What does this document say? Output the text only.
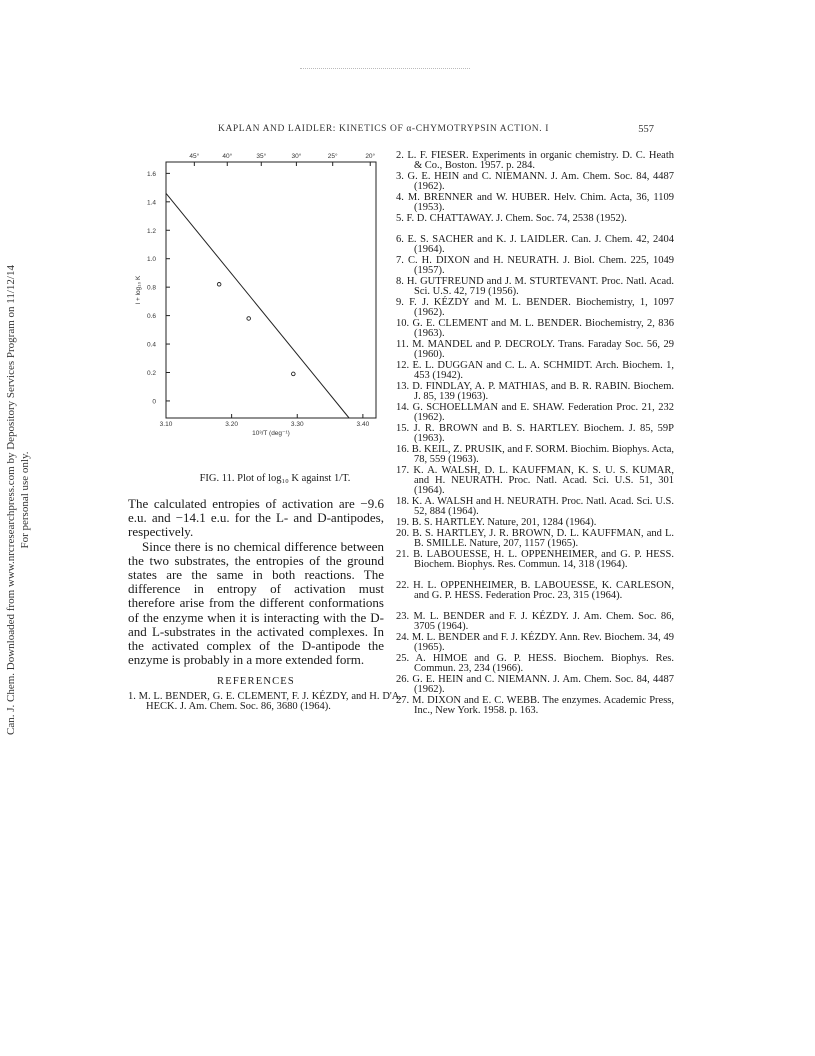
Can. J. Chem. Downloaded from www.nrcresearchpress.com by Depository Services Program on 11/12/14 For personal use only.
KAPLAN AND LAIDLER: KINETICS OF α-CHYMOTRYPSIN ACTION. I	557
1.6
1.4
1.2
1.0
0.8
0.6
0.4
0.2
0
3.10	3.20	3.30	3.40
45°	40°	35°	30°	25°	20°
10³/T (deg⁻¹)
l + log₁₀ K
FIG. 11. Plot of log₁₀ K against 1/T.

The calculated entropies of activation are −9.6 e.u. and −14.1 e.u. for the L- and D-antipodes, respectively.

Since there is no chemical difference between the two substrates, the entropies of the ground states are the same in both reactions. The difference in entropy of activation must therefore arise from the different conformations of the enzyme when it is interacting with the D- and L-substrates in the activated complexes. In the activated complex of the D-antipode the enzyme is probably in a more extended form.

REFERENCES
1. M. L. BENDER, G. E. CLEMENT, F. J. KÉZDY, and H. D'A. HECK. J. Am. Chem. Soc. 86, 3680 (1964).
2. L. F. FIESER. Experiments in organic chemistry. D. C. Heath & Co., Boston. 1957. p. 284.
3. G. E. HEIN and C. NIEMANN. J. Am. Chem. Soc. 84, 4487 (1962).
4. M. BRENNER and W. HUBER. Helv. Chim. Acta, 36, 1109 (1953).
5. F. D. CHATTAWAY. J. Chem. Soc. 74, 2538 (1952).
6. E. S. SACHER and K. J. LAIDLER. Can. J. Chem. 42, 2404 (1964).
7. C. H. DIXON and H. NEURATH. J. Biol. Chem. 225, 1049 (1957).
8. H. GUTFREUND and J. M. STURTEVANT. Proc. Natl. Acad. Sci. U.S. 42, 719 (1956).
9. F. J. KÉZDY and M. L. BENDER. Biochemistry, 1, 1097 (1962).
10. G. E. CLEMENT and M. L. BENDER. Biochemistry, 2, 836 (1963).
11. M. MANDEL and P. DECROLY. Trans. Faraday Soc. 56, 29 (1960).
12. E. L. DUGGAN and C. L. A. SCHMIDT. Arch. Biochem. 1, 453 (1942).
13. D. FINDLAY, A. P. MATHIAS, and B. R. RABIN. Biochem. J. 85, 139 (1963).
14. G. SCHOELLMAN and E. SHAW. Federation Proc. 21, 232 (1962).
15. J. R. BROWN and B. S. HARTLEY. Biochem. J. 85, 59P (1963).
16. B. KEIL, Z. PRUSIK, and F. SORM. Biochim. Biophys. Acta, 78, 559 (1963).
17. K. A. WALSH, D. L. KAUFFMAN, K. S. U. S. KUMAR, and H. NEURATH. Proc. Natl. Acad. Sci. U.S. 51, 301 (1964).
18. K. A. WALSH and H. NEURATH. Proc. Natl. Acad. Sci. U.S. 52, 884 (1964).
19. B. S. HARTLEY. Nature, 201, 1284 (1964).
20. B. S. HARTLEY, J. R. BROWN, D. L. KAUFFMAN, and L. B. SMILLE. Nature, 207, 1157 (1965).
21. B. LABOUESSE, H. L. OPPENHEIMER, and G. P. HESS. Biochem. Biophys. Res. Commun. 14, 318 (1964).
22. H. L. OPPENHEIMER, B. LABOUESSE, K. CARLESON, and G. P. HESS. Federation Proc. 23, 315 (1964).
23. M. L. BENDER and F. J. KÉZDY. J. Am. Chem. Soc. 86, 3705 (1964).
24. M. L. BENDER and F. J. KÉZDY. Ann. Rev. Biochem. 34, 49 (1965).
25. A. HIMOE and G. P. HESS. Biochem. Biophys. Res. Commun. 23, 234 (1966).
26. G. E. HEIN and C. NIEMANN. J. Am. Chem. Soc. 84, 4487 (1962).
27. M. DIXON and E. C. WEBB. The enzymes. Academic Press, Inc., New York. 1958. p. 163.
